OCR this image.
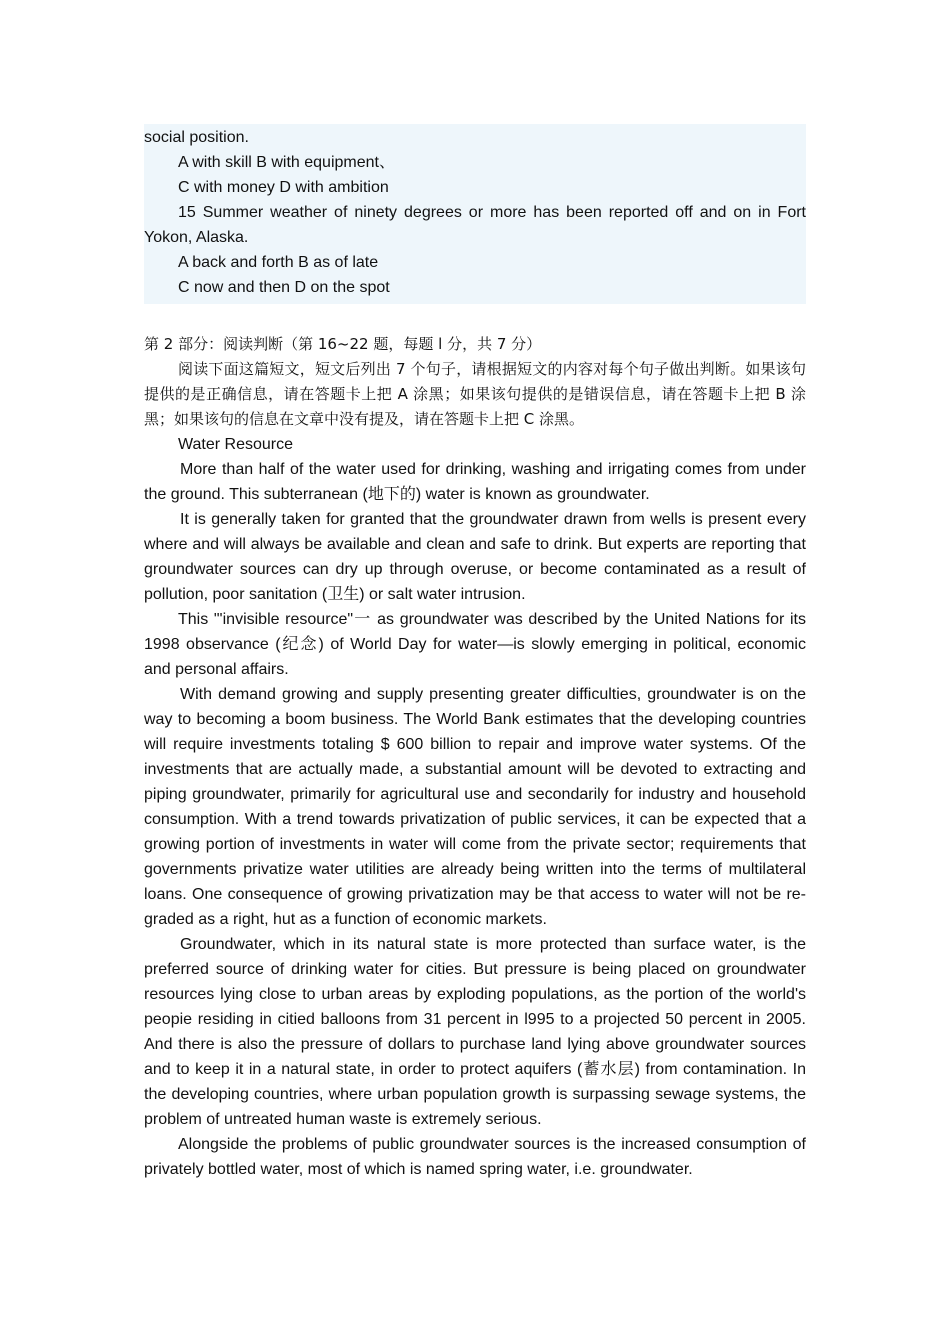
social position.

A with skill B with equipment、

C with money D with ambition

15 Summer weather of ninety degrees or more has been reported off and on in Fort Yokon, Alaska.

A back and forth B as of late

C now and then D on the spot

第 2 部分：阅读判断（第 16~22 题，每题 l 分，共 7 分）

阅读下面这篇短文，短文后列出 7 个句子，请根据短文的内容对每个句子做出判断。如果该句提供的是正确信息，请在答题卡上把 A 涂黑；如果该句提供的是错误信息，请在答题卡上把 B 涂黑；如果该句的信息在文章中没有提及，请在答题卡上把 C 涂黑。

Water Resource

More than half of the water used for drinking, washing and irrigating comes from under the ground. This subterranean (地下的) water is known as groundwater.

It is generally taken for granted that the groundwater drawn from wells is present every where and will always be available and clean and safe to drink. But experts are reporting that groundwater sources can dry up through overuse, or become contaminated as a result of pollution, poor sanitation (卫生) or salt water intrusion.

This "'invisible resource"一 as groundwater was described by the United Nations for its 1998 observance (纪念) of World Day for water—is slowly emerging in political, economic and personal affairs.

With demand growing and supply presenting greater difficulties, groundwater is on the way to becoming a boom business. The World Bank estimates that the developing countries will require investments totaling $ 600 billion to repair and improve water systems. Of the investments that are actually made, a substantial amount will be devoted to extracting and piping groundwater, primarily for agricultural use and secondarily for industry and household consumption. With a trend towards privatization of public services, it can be expected that a growing portion of investments in water will come from the private sector; requirements that governments privatize water utilities are already being written into the terms of multilateral loans. One consequence of growing privatization may be that access to water will not be re-graded as a right, hut as a function of economic markets.

Groundwater, which in its natural state is more protected than surface water, is the preferred source of drinking water for cities. But pressure is being placed on groundwater resources lying close to urban areas by exploding populations, as the portion of the world's peopie residing in citied balloons from 31 percent in l995 to a projected 50 percent in 2005. And there is also the pressure of dollars to purchase land lying above groundwater sources and to keep it in a natural state, in order to protect aquifers (蓄水层) from contamination. In the developing countries, where urban population growth is surpassing sewage systems, the problem of untreated human waste is extremely serious.

Alongside the problems of public groundwater sources is the increased consumption of privately bottled water, most of which is named spring water, i.e. groundwater.
